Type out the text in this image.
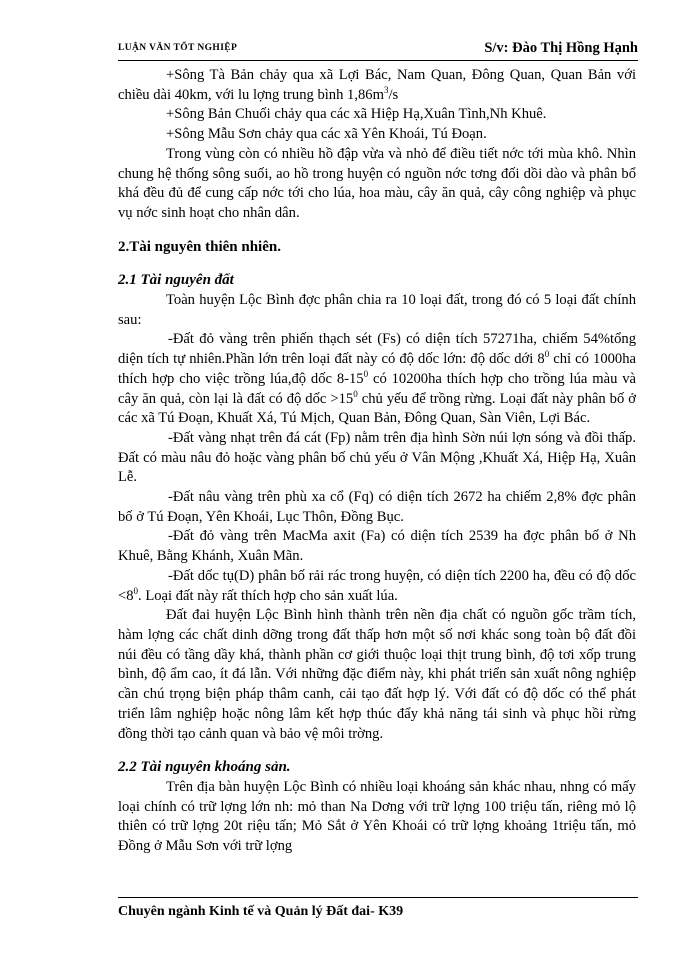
LUẬN VĂN TỐT NGHIỆP	S/v: Đào Thị Hồng Hạnh

+Sông Tà Bản chảy qua xã Lợi Bác, Nam Quan, Đông Quan, Quan Bản với chiều dài 40km, với lu lợng trung bình $1,86m^3/s$

+Sông Bản Chuối chảy qua các xã Hiệp Hạ,Xuân Tình,Nh Khuê.

+Sông Mẫu Sơn chảy qua các xã Yên Khoái, Tú Đoạn.

Trong vùng còn có nhiều hồ đập vừa và nhỏ để điều tiết nớc tới mùa khô. Nhìn chung hệ thống sông suối, ao hồ trong huyện có nguồn nớc tơng đối dồi dào và phân bổ khá đều đủ để cung cấp nớc tới cho lúa, hoa màu, cây ăn quả, cây công nghiệp và phục vụ nớc sinh hoạt cho nhân dân.

2.Tài nguyên thiên nhiên.

2.1 Tài nguyên đất

Toàn huyện Lộc Bình đợc phân chia ra 10 loại đất, trong đó có 5 loại đất chính sau:

-Đất đỏ vàng trên phiến thạch sét (Fs) có diện tích 57271ha, chiếm 54%tổng diện tích tự nhiên.Phần lớn trên loại đất này có độ dốc lớn: độ dốc dới $8^0$ chỉ có 1000ha thích hợp cho việc trồng lúa,độ dốc $8-15^0$ có 10200ha thích hợp cho trồng lúa màu và cây ăn quả, còn lại là đất có độ dốc $>15^0$ chủ yếu để trồng rừng. Loại đất này phân bố ở các xã Tú Đoạn, Khuất Xá, Tú Mịch, Quan Bản, Đông Quan, Sàn Viên, Lợi Bác.

-Đất vàng nhạt trên đá cát (Fp) nằm trên địa hình Sờn núi lợn sóng và đồi thấp. Đất có màu nâu đỏ hoặc vàng phân bố chủ yếu ở Vân Mộng ,Khuất Xá, Hiệp Hạ, Xuân Lễ.

-Đất nâu vàng trên phù xa cổ (Fq) có diện tích 2672 ha chiếm 2,8% đợc phân bố ở Tú Đoạn, Yên Khoái, Lục Thôn, Đồng Bục.

-Đất đỏ vàng trên MacMa axit (Fa) có diện tích 2539 ha đợc phân bố ở Nh Khuê, Bằng Khánh, Xuân Mãn.

-Đất dốc tụ(D) phân bố rải rác trong huyện, có diện tích 2200 ha, đều có độ dốc $<8^0$. Loại đất này rất thích hợp cho sản xuất lúa.

Đất đai huyện Lộc Bình hình thành trên nền địa chất có nguồn gốc trầm tích, hàm lợng các chất dinh dỡng trong đất thấp hơn một số nơi khác song toàn bộ đất đồi núi đều có tầng dầy khá, thành phần cơ giới thuộc loại thịt trung bình, độ tơi xốp trung bình, độ ẩm cao, ít đá lẫn. Với những đặc điểm này, khi phát triển sản xuất nông nghiệp cần chú trọng biện pháp thâm canh, cải tạo đất hợp lý. Với đất có độ dốc có thể phát triển lâm nghiệp hoặc nông lâm kết hợp thúc đẩy khả năng tái sinh và phục hồi rừng đồng thời tạo cảnh quan và bảo vệ môi trờng.

2.2 Tài nguyên khoáng sản.

Trên địa bàn huyện Lộc Bình có nhiều loại khoáng sản khác nhau, nhng có mấy loại chính có trữ lợng lớn nh: mỏ than Na Dơng với trữ lợng 100 triệu tấn, riêng mỏ lộ thiên có trữ lợng 20t riệu tấn; Mỏ Sắt ở Yên Khoái có trữ lợng khoảng 1triệu tấn, mỏ Đồng ở Mẫu Sơn với trữ lợng

Chuyên ngành Kinh tế và Quản lý Đất đai- K39
